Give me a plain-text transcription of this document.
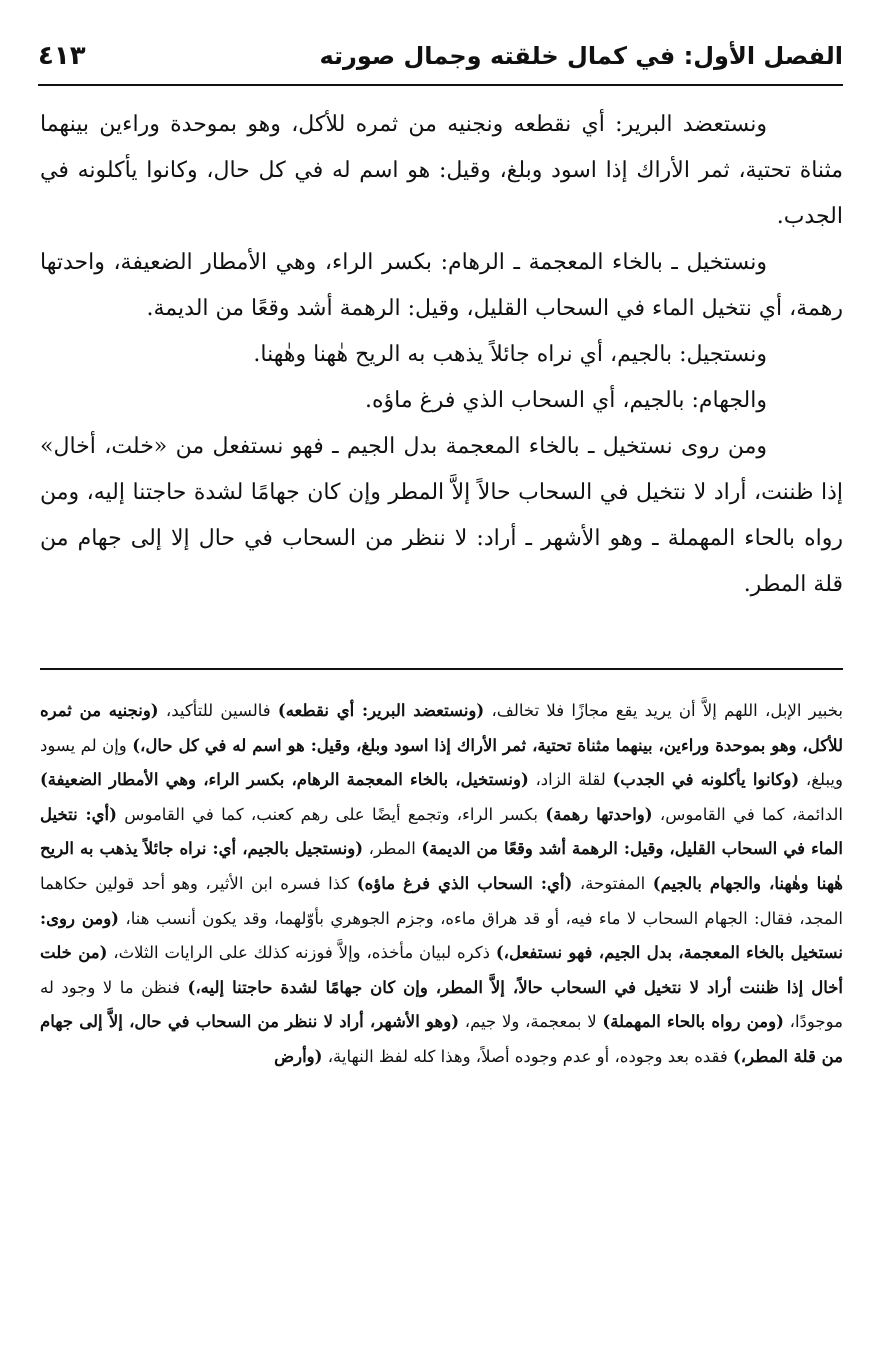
الفصل الأول: في كمال خلقته وجمال صورته
٤١٣

ونستعضد البرير: أي نقطعه ونجنيه من ثمره للأكل، وهو بموحدة وراءين بينهما مثناة تحتية، ثمر الأراك إذا اسود وبلغ، وقيل: هو اسم له في كل حال، وكانوا يأكلونه في الجدب.

ونستخيل ـ بالخاء المعجمة ـ الرهام: بكسر الراء، وهي الأمطار الضعيفة، واحدتها رهمة، أي نتخيل الماء في السحاب القليل، وقيل: الرهمة أشد وقعًا من الديمة.

ونستجيل: بالجيم، أي نراه جائلاً يذهب به الريح هٰهنا وهٰهنا.

والجهام: بالجيم، أي السحاب الذي فرغ ماؤه.

ومن روى نستخيل ـ بالخاء المعجمة بدل الجيم ـ فهو نستفعل من «خلت، أخال» إذا ظننت، أراد لا نتخيل في السحاب حالاً إلاَّ المطر وإن كان جهامًا لشدة حاجتنا إليه، ومن رواه بالحاء المهملة ـ وهو الأشهر ـ أراد: لا ننظر من السحاب في حال إلا إلى جهام من قلة المطر.

بخبير الإبل، اللهم إلاَّ أن يريد يقع مجازًا فلا تخالف، (ونستعضد البرير: أي نقطعه) فالسين للتأكيد، (ونجنيه من ثمره للأكل، وهو بموحدة وراءين، بينهما مثناة تحتية، ثمر الأراك إذا اسود وبلغ، وقيل: هو اسم له في كل حال،) وإن لم يسود ويبلغ، (وكانوا يأكلونه في الجدب) لقلة الزاد، (ونستخيل، بالخاء المعجمة الرهام، بكسر الراء، وهي الأمطار الضعيفة) الدائمة، كما في القاموس، (واحدتها رهمة) بكسر الراء، وتجمع أيضًا على رهم كعنب، كما في القاموس (أي: نتخيل الماء في السحاب القليل، وقيل: الرهمة أشد وقعًا من الديمة) المطر، (ونستجيل بالجيم، أي: نراه جائلاً يذهب به الريح هٰهنا وهٰهنا، والجهام بالجيم) المفتوحة، (أي: السحاب الذي فرغ ماؤه) كذا فسره ابن الأثير، وهو أحد قولين حكاهما المجد، فقال: الجهام السحاب لا ماء فيه، أو قد هراق ماءه، وجزم الجوهري بأوّلهما، وقد يكون أنسب هنا، (ومن روى: نستخيل بالخاء المعجمة، بدل الجيم، فهو نستفعل،) ذكره لبيان مأخذه، وإلاَّ فوزنه كذلك على الرايات الثلاث، (من خلت أخال إذا ظننت أراد لا نتخيل في السحاب حالاً، إلاَّ المطر، وإن كان جهامًا لشدة حاجتنا إليه،) فنظن ما لا وجود له موجودًا، (ومن رواه بالحاء المهملة) لا بمعجمة، ولا جيم، (وهو الأشهر، أراد لا ننظر من السحاب في حال، إلاَّ إلى جهام من قلة المطر،) فقده بعد وجوده، أو عدم وجوده أصلاً، وهذا كله لفظ النهاية، (وأرض
